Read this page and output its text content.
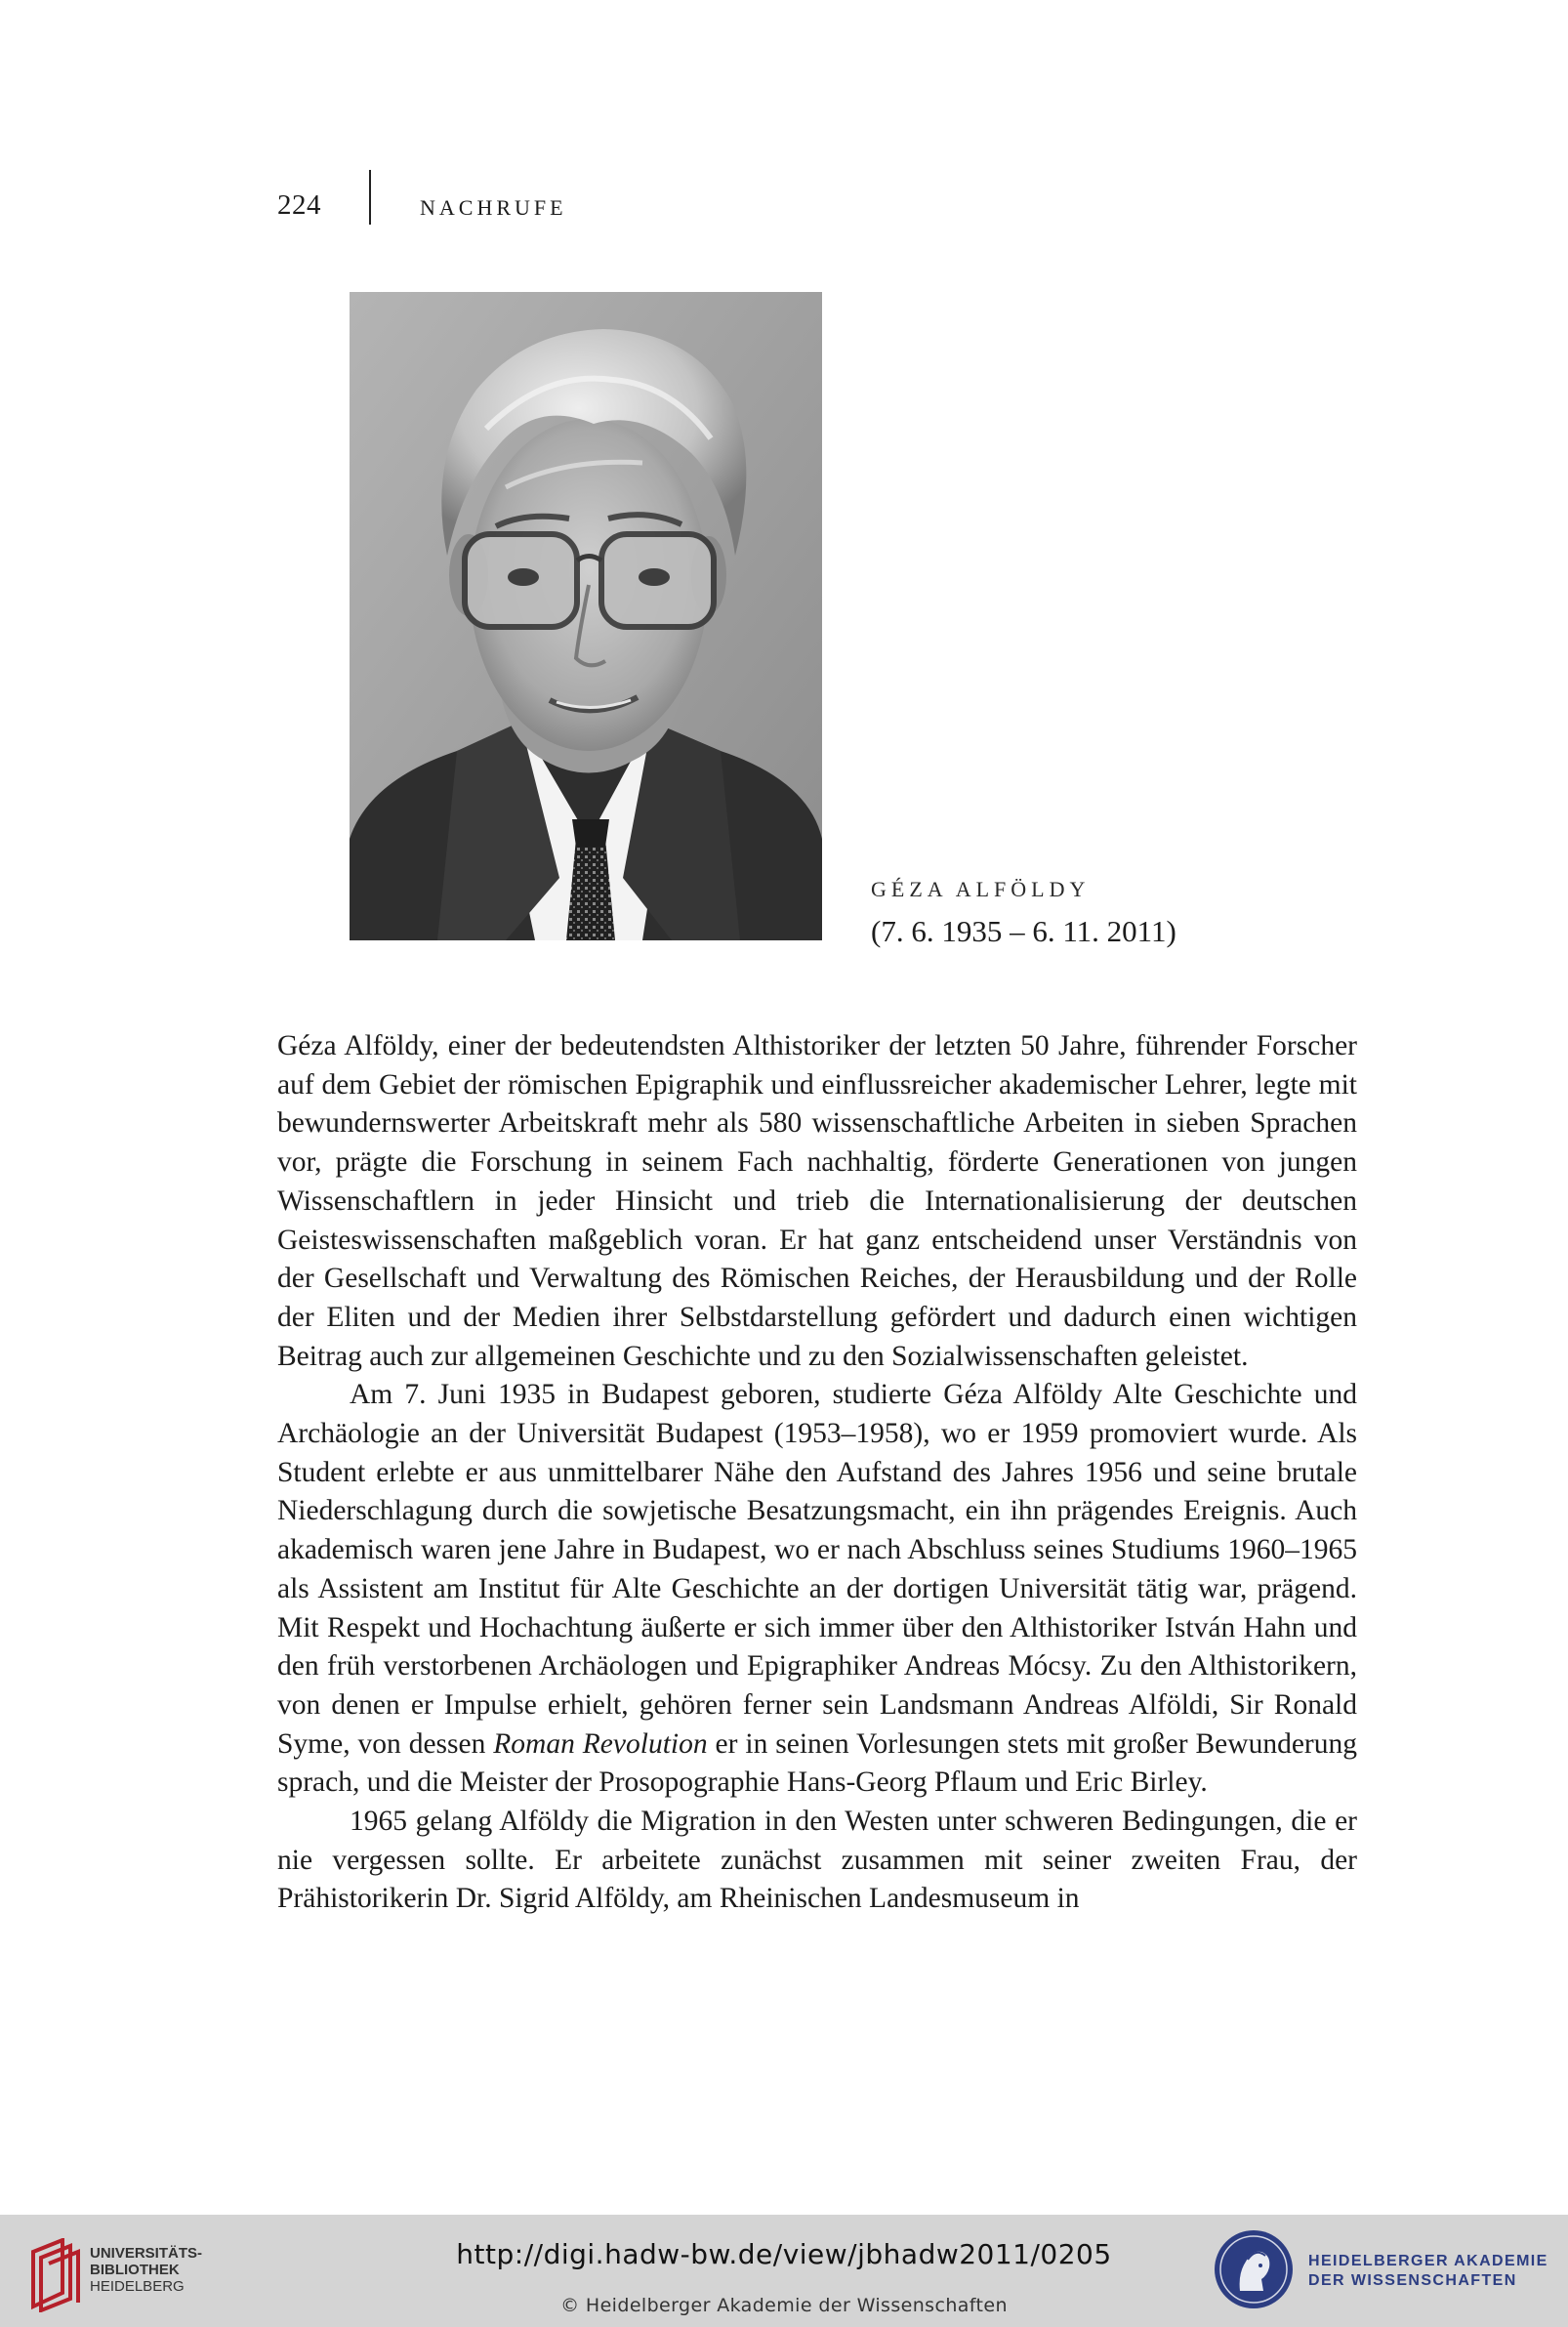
224	NACHRUFE
GÉZA ALFÖLDY
(7. 6. 1935 – 6. 11. 2011)

Géza Alföldy, einer der bedeutendsten Althistoriker der letzten 50 Jahre, führender Forscher auf dem Gebiet der römischen Epigraphik und einflussreicher akademischer Lehrer, legte mit bewundernswerter Arbeitskraft mehr als 580 wissenschaftliche Arbeiten in sieben Sprachen vor, prägte die Forschung in seinem Fach nachhaltig, förderte Generationen von jungen Wissenschaftlern in jeder Hinsicht und trieb die Internationalisierung der deutschen Geisteswissenschaften maßgeblich voran. Er hat ganz entscheidend unser Verständnis von der Gesellschaft und Verwaltung des Römischen Reiches, der Herausbildung und der Rolle der Eliten und der Medien ihrer Selbstdarstellung gefördert und dadurch einen wichtigen Beitrag auch zur allgemeinen Geschichte und zu den Sozialwissenschaften geleistet.

Am 7. Juni 1935 in Budapest geboren, studierte Géza Alföldy Alte Geschichte und Archäologie an der Universität Budapest (1953–1958), wo er 1959 promoviert wurde. Als Student erlebte er aus unmittelbarer Nähe den Aufstand des Jahres 1956 und seine brutale Niederschlagung durch die sowjetische Besatzungsmacht, ein ihn prägendes Ereignis. Auch akademisch waren jene Jahre in Budapest, wo er nach Abschluss seines Studiums 1960–1965 als Assistent am Institut für Alte Geschichte an der dortigen Universität tätig war, prägend. Mit Respekt und Hochachtung äußerte er sich immer über den Althistoriker István Hahn und den früh verstorbenen Archäologen und Epigraphiker Andreas Mócsy. Zu den Althistorikern, von denen er Impulse erhielt, gehören ferner sein Landsmann Andreas Alföldi, Sir Ronald Syme, von dessen Roman Revolution er in seinen Vorlesungen stets mit großer Bewunderung sprach, und die Meister der Prosopographie Hans-Georg Pflaum und Eric Birley.

1965 gelang Alföldy die Migration in den Westen unter schweren Bedingungen, die er nie vergessen sollte. Er arbeitete zunächst zusammen mit seiner zweiten Frau, der Prähistorikerin Dr. Sigrid Alföldy, am Rheinischen Landesmuseum in

UNIVERSITÄTS-
BIBLIOTHEK
HEIDELBERG
http://digi.hadw-bw.de/view/jbhadw2011/0205
© Heidelberger Akademie der Wissenschaften
HEIDELBERGER AKADEMIE
DER WISSENSCHAFTEN
